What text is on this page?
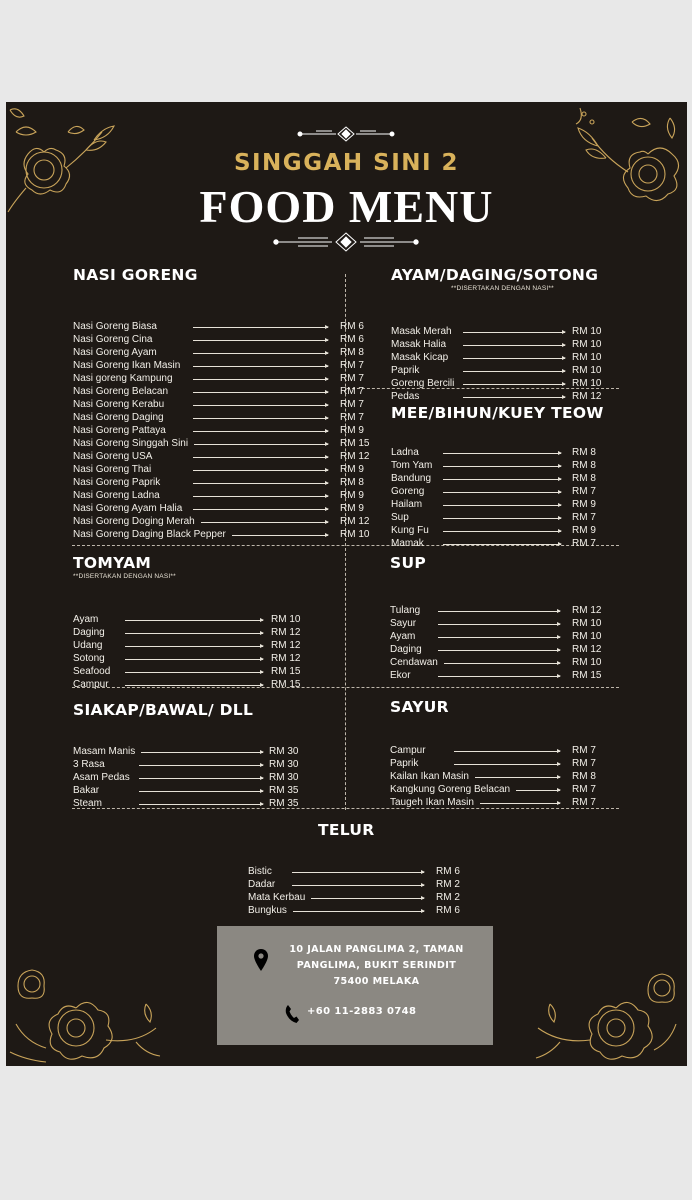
SINGGAH SINI 2
FOOD MENU
NASI GORENG
Nasi Goreng Biasa	RM 6
Nasi Goreng Cina	RM 6
Nasi Goreng Ayam	RM 8
Nasi Goreng Ikan Masin	RM 7
Nasi goreng Kampung	RM 7
Nasi Goreng Belacan	RM 7
Nasi Goreng Kerabu	RM 7
Nasi Goreng Daging	RM 7
Nasi Goreng Pattaya	RM 9
Nasi Goreng Singgah Sini	RM 15
Nasi Goreng USA	RM 12
Nasi Goreng Thai	RM 9
Nasi Goreng Paprik	RM 8
Nasi Goreng Ladna	RM 9
Nasi Goreng Ayam Halia	RM 9
Nasi Goreng Doging Merah	RM 12
Nasi Goreng Daging Black Pepper	RM 10
AYAM/DAGING/SOTONG
**DISERTAKAN DENGAN NASI**
Masak Merah	RM 10
Masak Halia	RM 10
Masak Kicap	RM 10
Paprik	RM 10
Goreng Bercili	RM 10
Pedas	RM 12
MEE/BIHUN/KUEY TEOW
Ladna	RM 8
Tom Yam	RM 8
Bandung	RM 8
Goreng	RM 7
Hailam	RM 9
Sup	RM 7
Kung Fu	RM 9
Mamak	RM 7
TOMYAM
**DISERTAKAN DENGAN NASI**
Ayam	RM 10
Daging	RM 12
Udang	RM 12
Sotong	RM 12
Seafood	RM 15
Campur	RM 15
SUP
Tulang	RM 12
Sayur	RM 10
Ayam	RM 10
Daging	RM 12
Cendawan	RM 10
Ekor	RM 15
SIAKAP/BAWAL/ DLL
Masam Manis	RM 30
3 Rasa	RM 30
Asam Pedas	RM 30
Bakar	RM 35
Steam	RM 35
SAYUR
Campur	RM 7
Paprik	RM 7
Kailan Ikan Masin	RM 8
Kangkung Goreng Belacan	RM 7
Taugeh Ikan Masin	RM 7
TELUR
Bistic	RM 6
Dadar	RM 2
Mata Kerbau	RM 2
Bungkus	RM 6
10 JALAN PANGLIMA 2, TAMAN
PANGLIMA, BUKIT SERINDIT
75400 MELAKA
+60 11-2883 0748
